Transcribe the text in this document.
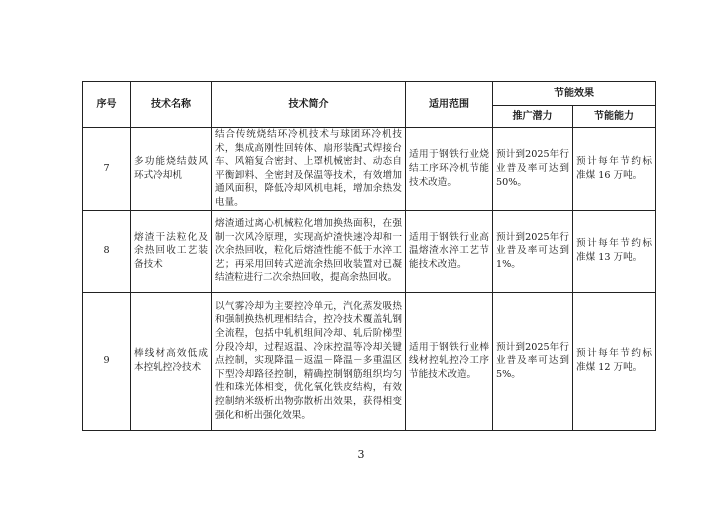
序号	技术名称	技术简介	适用范围	节能效果	
				推广潜力	节能能力
7	多功能烧结鼓风环式冷却机	结合传统烧结环冷机技术与球团环冷机技术，集成高刚性回转体、扇形装配式焊接台车、风箱复合密封、上罩机械密封、动态自平衡卸料、全密封及保温等技术，有效增加通风面积，降低冷却风机电耗，增加余热发电量。	适用于钢铁行业烧结工序环冷机节能技术改造。	预计到2025年行业普及率可达到50%。	预计每年节约标准煤 16 万吨。
8	熔渣干法粒化及余热回收工艺装备技术	熔渣通过离心机械粒化增加换热面积，在强制一次风冷原理，实现高炉渣快速冷却和一次余热回收，粒化后熔渣性能不低于水淬工艺；再采用回转式逆流余热回收装置对已凝结渣粒进行二次余热回收，提高余热回收。	适用于钢铁行业高温熔渣水淬工艺节能技术改造。	预计到2025年行业普及率可达到1%。	预计每年节约标准煤 13 万吨。
9	棒线材高效低成本控轧控冷技术	以气雾冷却为主要控冷单元，汽化蒸发吸热和强制换热机理相结合，控冷技术覆盖轧钢全流程，包括中轧机组间冷却、轧后阶梯型分段冷却，过程返温、冷床控温等冷却关键点控制，实现降温－返温－降温－多重温区下型冷却路径控制，精确控制钢筋组织均匀性和珠光体相变，优化氧化铁皮结构，有效控制纳米级析出物弥散析出效果，获得相变强化和析出强化效果。	适用于钢铁行业棒线材控轧控冷工序节能技术改造。	预计到2025年行业普及率可达到5%。	预计每年节约标准煤 12 万吨。
3
